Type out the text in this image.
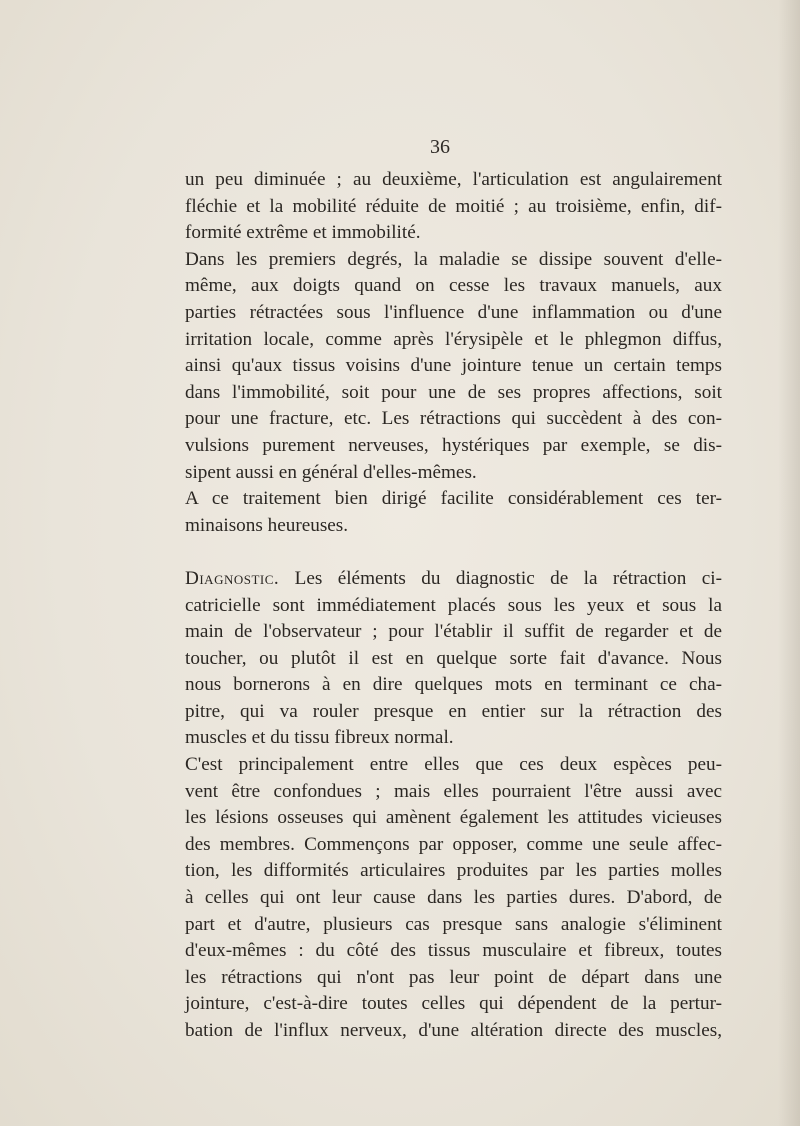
36
un peu diminuée ; au deuxième, l'articulation est angulairement
fléchie et la mobilité réduite de moitié ; au troisième, enfin, dif-
formité extrême et immobilité.
Dans les premiers degrés, la maladie se dissipe souvent d'elle-
même, aux doigts quand on cesse les travaux manuels, aux
parties rétractées sous l'influence d'une inflammation ou d'une
irritation locale, comme après l'érysipèle et le phlegmon diffus,
ainsi qu'aux tissus voisins d'une jointure tenue un certain temps
dans l'immobilité, soit pour une de ses propres affections, soit
pour une fracture, etc. Les rétractions qui succèdent à des con-
vulsions purement nerveuses, hystériques par exemple, se dis-
sipent aussi en général d'elles-mêmes.
A ce traitement bien dirigé facilite considérablement ces ter-
minaisons heureuses.
Diagnostic. Les éléments du diagnostic de la rétraction ci-
catricielle sont immédiatement placés sous les yeux et sous la
main de l'observateur ; pour l'établir il suffit de regarder et de
toucher, ou plutôt il est en quelque sorte fait d'avance. Nous
nous bornerons à en dire quelques mots en terminant ce cha-
pitre, qui va rouler presque en entier sur la rétraction des
muscles et du tissu fibreux normal.
C'est principalement entre elles que ces deux espèces peu-
vent être confondues ; mais elles pourraient l'être aussi avec
les lésions osseuses qui amènent également les attitudes vicieuses
des membres. Commençons par opposer, comme une seule affec-
tion, les difformités articulaires produites par les parties molles
à celles qui ont leur cause dans les parties dures. D'abord, de
part et d'autre, plusieurs cas presque sans analogie s'éliminent
d'eux-mêmes : du côté des tissus musculaire et fibreux, toutes
les rétractions qui n'ont pas leur point de départ dans une
jointure, c'est-à-dire toutes celles qui dépendent de la pertur-
bation de l'influx nerveux, d'une altération directe des muscles,
